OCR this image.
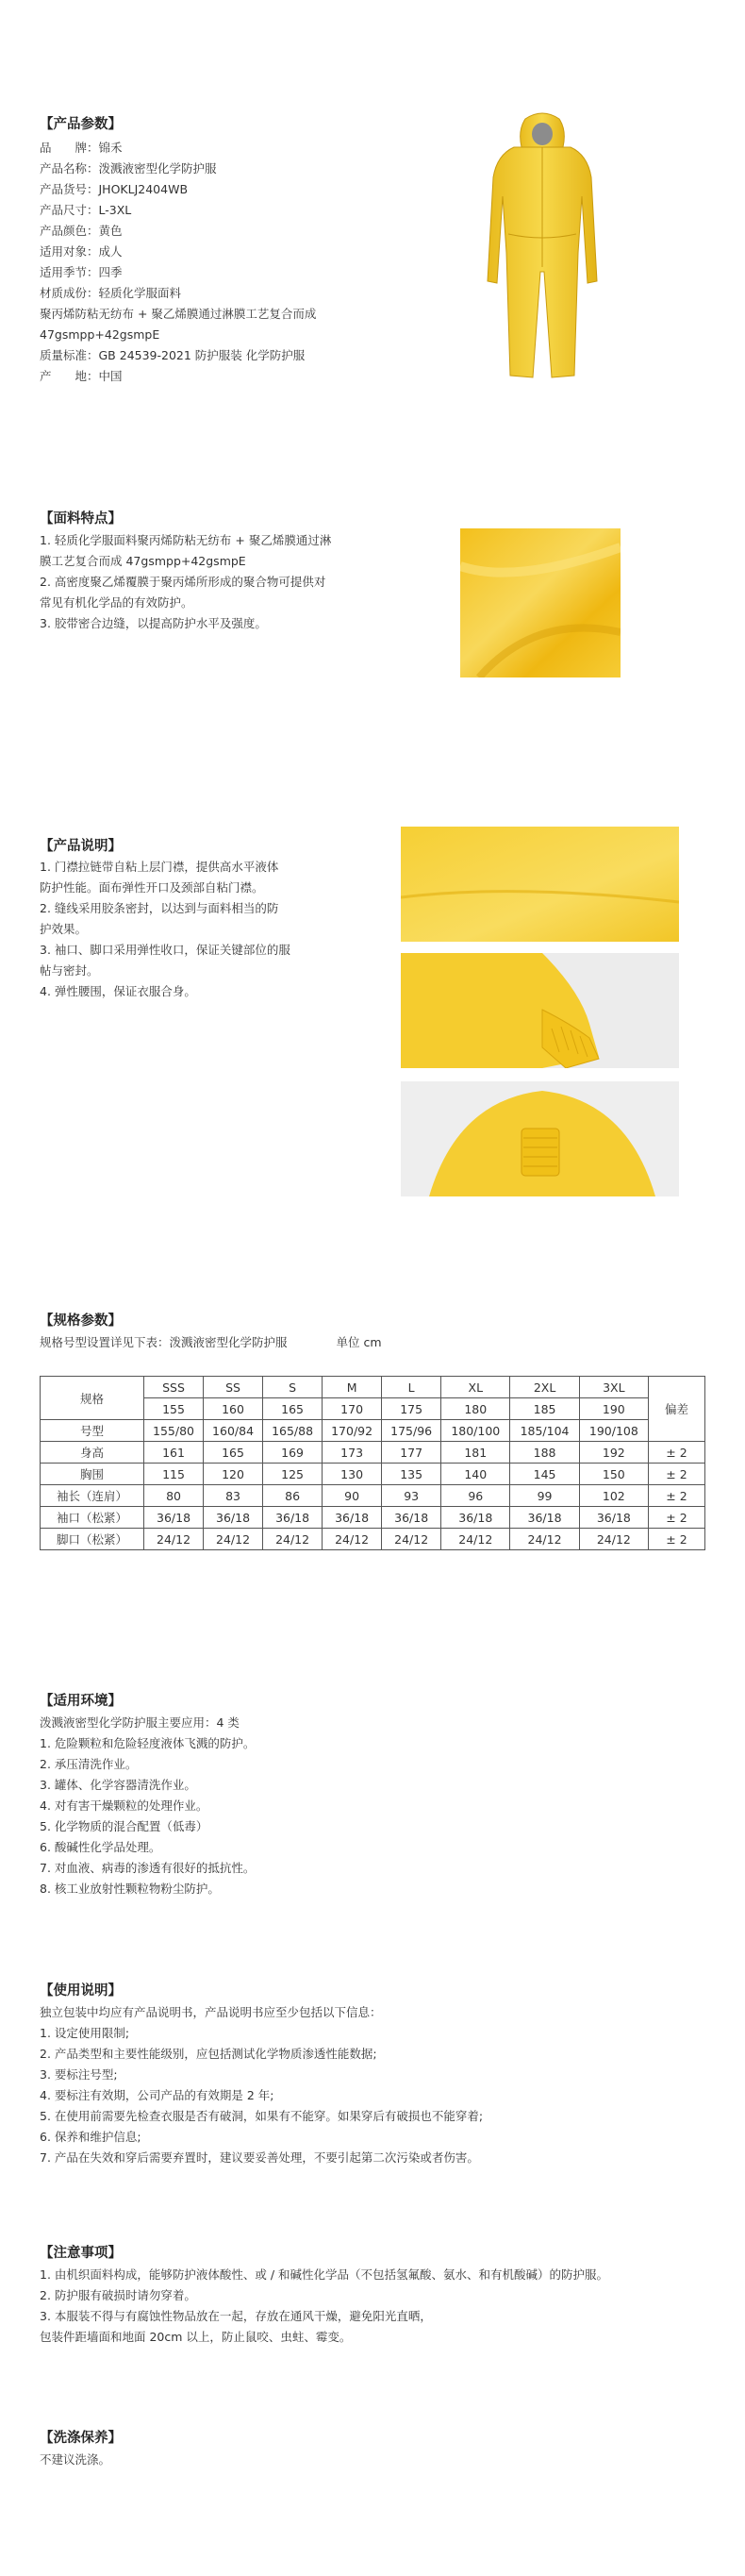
【产品参数】
品　　牌：锦禾
产品名称：泼溅液密型化学防护服
产品货号：JHOKLJ2404WB
产品尺寸：L-3XL
产品颜色：黄色
适用对象：成人
适用季节：四季
材质成份：轻质化学服面料
聚丙烯防粘无纺布 + 聚乙烯膜通过淋膜工艺复合而成
47gsmpp+42gsmpE
质量标准：GB 24539-2021 防护服装 化学防护服
产　　地：中国
【面料特点】
1. 轻质化学服面料聚丙烯防粘无纺布 + 聚乙烯膜通过淋
膜工艺复合而成 47gsmpp+42gsmpE
2. 高密度聚乙烯覆膜于聚丙烯所形成的聚合物可提供对
常见有机化学品的有效防护。
3. 胶带密合边缝，以提高防护水平及强度。
【产品说明】
1. 门襟拉链带自粘上层门襟，提供高水平液体
防护性能。面布弹性开口及颈部自粘门襟。
2. 缝线采用胶条密封，以达到与面料相当的防
护效果。
3. 袖口、脚口采用弹性收口，保证关键部位的服
帖与密封。
4. 弹性腰围，保证衣服合身。
【规格参数】
规格号型设置详见下表：泼溅液密型化学防护服	单位 cm
规格	SSS	SS	S	M	L	XL	2XL	3XL	偏差
	155	160	165	170	175	180	185	190	
号型	155/80	160/84	165/88	170/92	175/96	180/100	185/104	190/108	
身高	161	165	169	173	177	181	188	192	± 2
胸围	115	120	125	130	135	140	145	150	± 2
袖长（连肩）	80	83	86	90	93	96	99	102	± 2
袖口（松紧）	36/18	36/18	36/18	36/18	36/18	36/18	36/18	36/18	± 2
脚口（松紧）	24/12	24/12	24/12	24/12	24/12	24/12	24/12	24/12	± 2
【适用环境】
泼溅液密型化学防护服主要应用：4 类
1. 危险颗粒和危险轻度液体飞溅的防护。
2. 承压清洗作业。
3. 罐体、化学容器清洗作业。
4. 对有害干燥颗粒的处理作业。
5. 化学物质的混合配置（低毒）
6. 酸碱性化学品处理。
7. 对血液、病毒的渗透有很好的抵抗性。
8. 核工业放射性颗粒物粉尘防护。
【使用说明】
独立包装中均应有产品说明书，产品说明书应至少包括以下信息：
1. 设定使用限制;
2. 产品类型和主要性能级别，应包括测试化学物质渗透性能数据;
3. 要标注号型;
4. 要标注有效期，公司产品的有效期是 2 年;
5. 在使用前需要先检查衣服是否有破洞，如果有不能穿。如果穿后有破损也不能穿着;
6. 保养和维护信息;
7. 产品在失效和穿后需要弃置时，建议要妥善处理，不要引起第二次污染或者伤害。
【注意事项】
1. 由机织面料构成，能够防护液体酸性、或 / 和碱性化学品（不包括氢氟酸、氨水、和有机酸碱）的防护服。
2. 防护服有破损时请勿穿着。
3. 本服装不得与有腐蚀性物品放在一起，存放在通风干燥，避免阳光直晒，
包装件距墙面和地面 20cm 以上，防止鼠咬、虫蛀、霉变。
【洗涤保养】
不建议洗涤。
